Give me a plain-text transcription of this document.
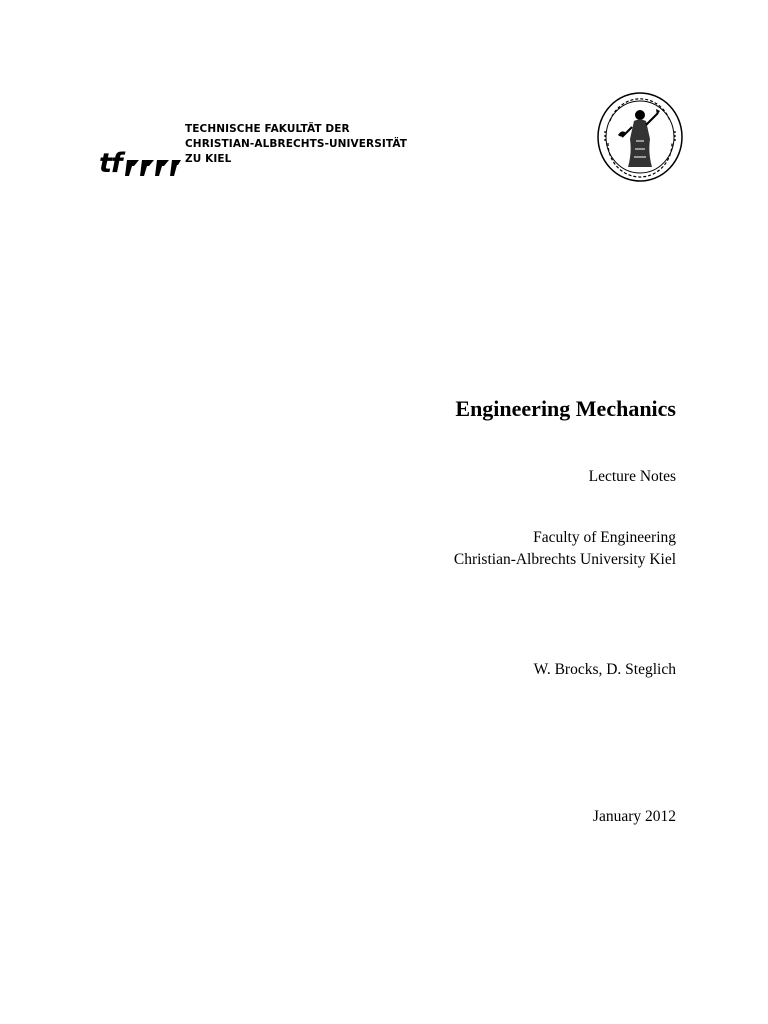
tf
TECHNISCHE FAKULTÄT DER
CHRISTIAN-ALBRECHTS-UNIVERSITÄT
ZU KIEL
Engineering Mechanics
Lecture Notes
Faculty of Engineering
Christian-Albrechts University Kiel
W. Brocks, D. Steglich
January 2012
